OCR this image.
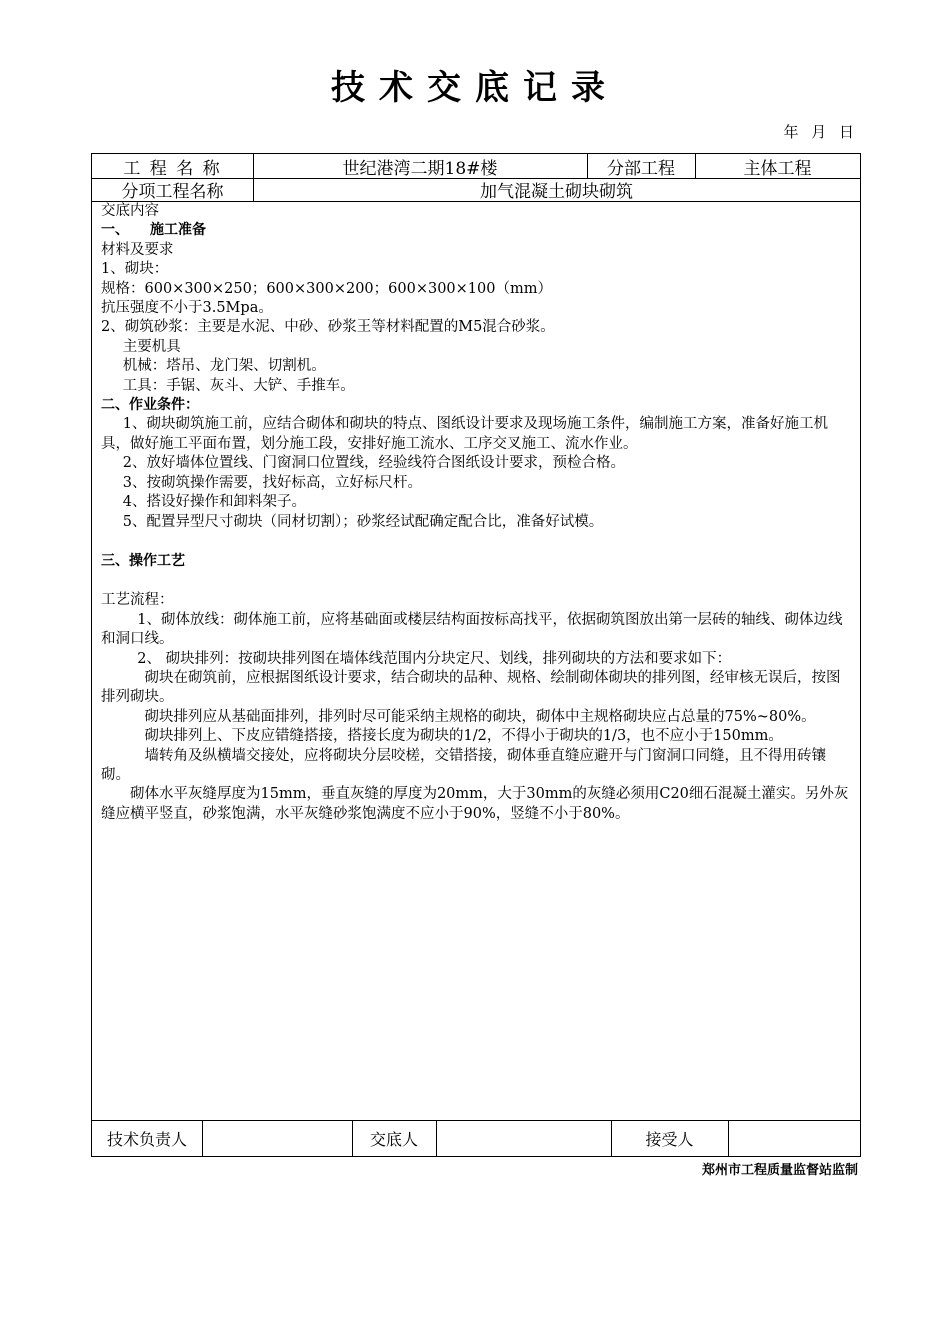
技术交底记录
年 月 日
工 程 名 称	世纪港湾二期18#楼	分部工程	主体工程
分项工程名称	加气混凝土砌块砌筑

交底内容

一、　　施工准备

材料及要求

1、砌块：

规格：600×300×250；600×300×200；600×300×100（mm）

抗压强度不小于3.5Mpa。

2、砌筑砂浆：主要是水泥、中砂、砂浆王等材料配置的M5混合砂浆。

主要机具

机械：塔吊、龙门架、切割机。

工具：手锯、灰斗、大铲、手推车。

二、作业条件：

1、砌块砌筑施工前，应结合砌体和砌块的特点、图纸设计要求及现场施工条件，编制施工方案，准备好施工机具，做好施工平面布置，划分施工段，安排好施工流水、工序交叉施工、流水作业。

2、放好墙体位置线、门窗洞口位置线，经验线符合图纸设计要求，预检合格。

3、按砌筑操作需要，找好标高，立好标尺杆。

4、搭设好操作和卸料架子。

5、配置异型尺寸砌块（同材切割）；砂浆经试配确定配合比，准备好试模。

三、操作工艺

工艺流程：

1、砌体放线：砌体施工前，应将基础面或楼层结构面按标高找平，依据砌筑图放出第一层砖的轴线、砌体边线和洞口线。

2、 砌块排列：按砌块排列图在墙体线范围内分块定尺、划线，排列砌块的方法和要求如下：

砌块在砌筑前，应根据图纸设计要求，结合砌块的品种、规格、绘制砌体砌块的排列图，经审核无误后，按图排列砌块。

砌块排列应从基础面排列，排列时尽可能采纳主规格的砌块，砌体中主规格砌块应占总量的75%~80%。

砌块排列上、下皮应错缝搭接，搭接长度为砌块的1/2，不得小于砌块的1/3，也不应小于150mm。

墙转角及纵横墙交接处，应将砌块分层咬槎，交错搭接，砌体垂直缝应避开与门窗洞口同缝，且不得用砖镶砌。

砌体水平灰缝厚度为15mm，垂直灰缝的厚度为20mm，大于30mm的灰缝必须用C20细石混凝土灌实。另外灰缝应横平竖直，砂浆饱满，水平灰缝砂浆饱满度不应小于90%，竖缝不小于80%。

技术负责人	交底人	接受人
郑州市工程质量监督站监制
